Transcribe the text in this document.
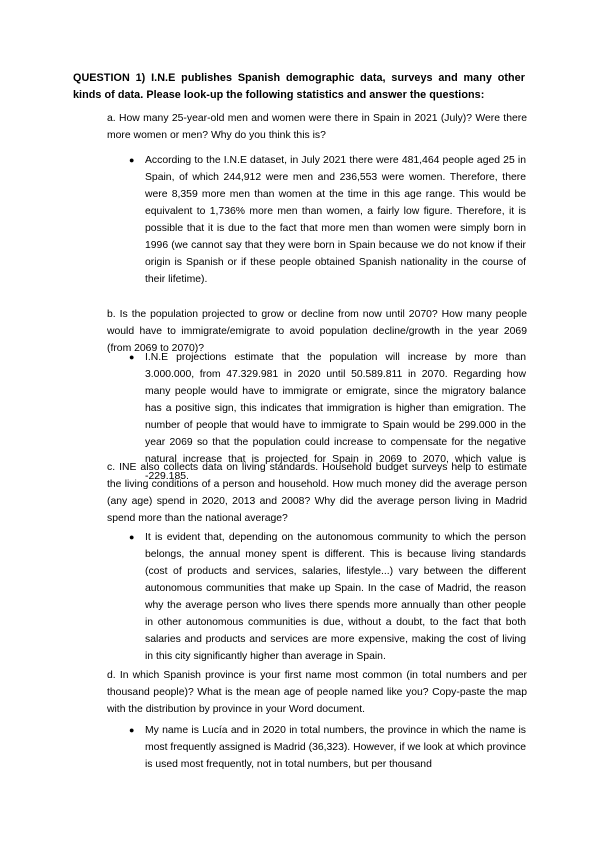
QUESTION 1) I.N.E publishes Spanish demographic data, surveys and many other kinds of data. Please look-up the following statistics and answer the questions:
a. How many 25-year-old men and women were there in Spain in 2021 (July)? Were there more women or men? Why do you think this is?
● According to the I.N.E dataset, in July 2021 there were 481,464 people aged 25 in Spain, of which 244,912 were men and 236,553 were women. Therefore, there were 8,359 more men than women at the time in this age range. This would be equivalent to 1,736% more men than women, a fairly low figure. Therefore, it is possible that it is due to the fact that more men than women were simply born in 1996 (we cannot say that they were born in Spain because we do not know if their origin is Spanish or if these people obtained Spanish nationality in the course of their lifetime).
b. Is the population projected to grow or decline from now until 2070? How many people would have to immigrate/emigrate to avoid population decline/growth in the year 2069 (from 2069 to 2070)?
● I.N.E projections estimate that the population will increase by more than 3.000.000, from 47.329.981 in 2020 until 50.589.811 in 2070. Regarding how many people would have to immigrate or emigrate, since the migratory balance has a positive sign, this indicates that immigration is higher than emigration. The number of people that would have to immigrate to Spain would be 299.000 in the year 2069 so that the population could increase to compensate for the negative natural increase that is projected for Spain in 2069 to 2070, which value is -229.185.
c. INE also collects data on living standards. Household budget surveys help to estimate the living conditions of a person and household. How much money did the average person (any age) spend in 2020, 2013 and 2008? Why did the average person living in Madrid spend more than the national average?
● It is evident that, depending on the autonomous community to which the person belongs, the annual money spent is different. This is because living standards (cost of products and services, salaries, lifestyle...) vary between the different autonomous communities that make up Spain. In the case of Madrid, the reason why the average person who lives there spends more annually than other people in other autonomous communities is due, without a doubt, to the fact that both salaries and products and services are more expensive, making the cost of living in this city significantly higher than average in Spain.
d. In which Spanish province is your first name most common (in total numbers and per thousand people)? What is the mean age of people named like you? Copy-paste the map with the distribution by province in your Word document.
● My name is Lucía and in 2020 in total numbers, the province in which the name is most frequently assigned is Madrid (36,323). However, if we look at which province is used most frequently, not in total numbers, but per thousand
